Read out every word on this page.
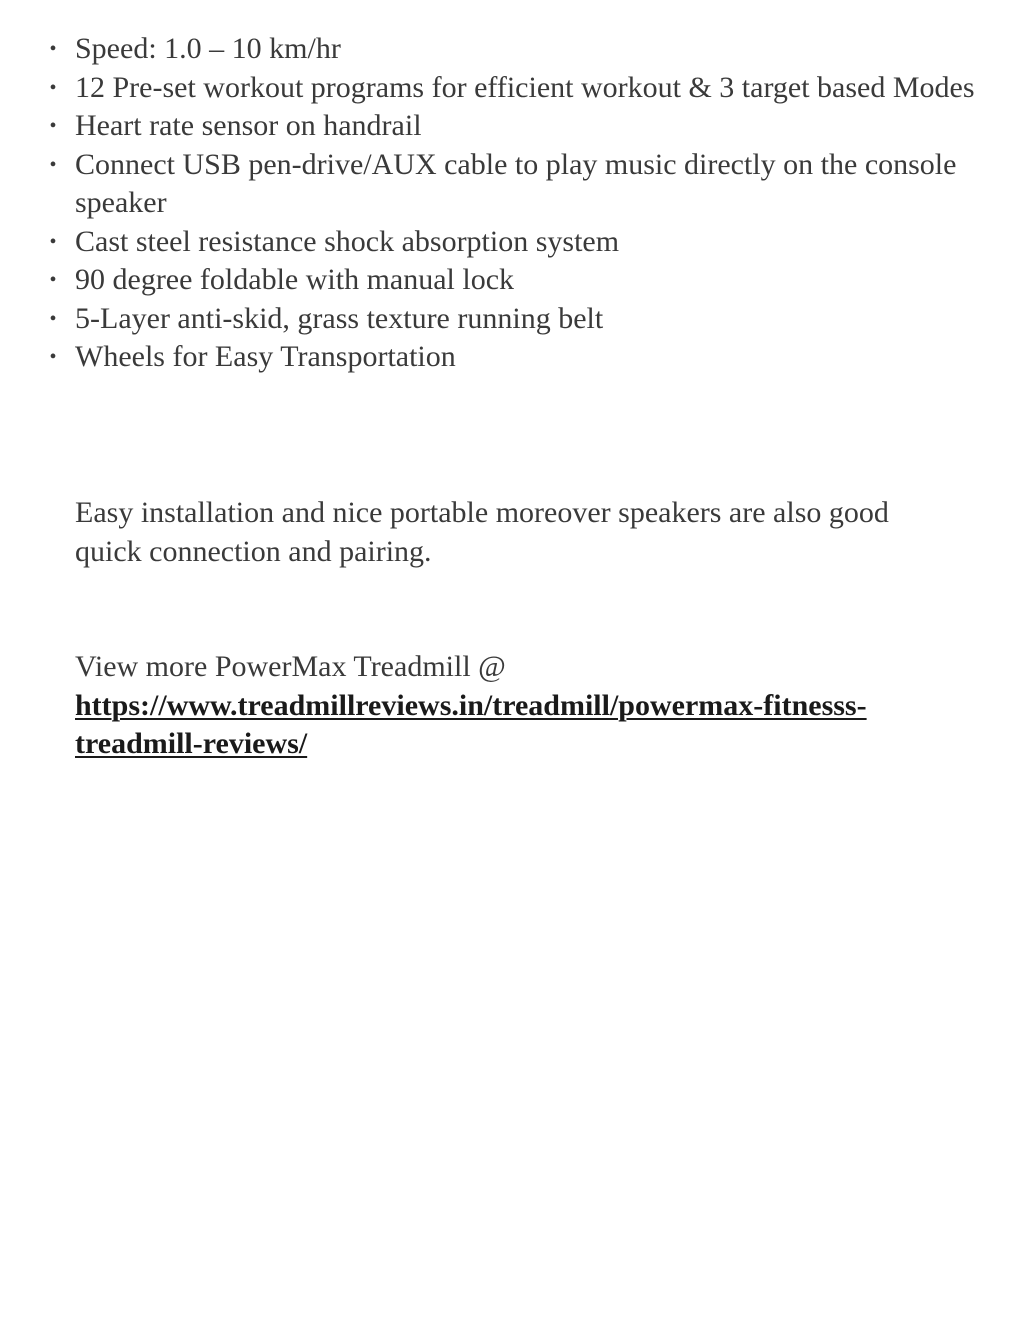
• Speed: 1.0 – 10 km/hr
• 12 Pre-set workout programs for efficient workout & 3 target based Modes
• Heart rate sensor on handrail
• Connect USB pen-drive/AUX cable to play music directly on the console speaker
• Cast steel resistance shock absorption system
• 90 degree foldable with manual lock
• 5-Layer anti-skid, grass texture running belt
• Wheels for Easy Transportation

Easy installation and nice portable moreover speakers are also good quick connection and pairing.

View more PowerMax Treadmill @ https://www.treadmillreviews.in/treadmill/powermax-fitnesss-treadmill-reviews/
